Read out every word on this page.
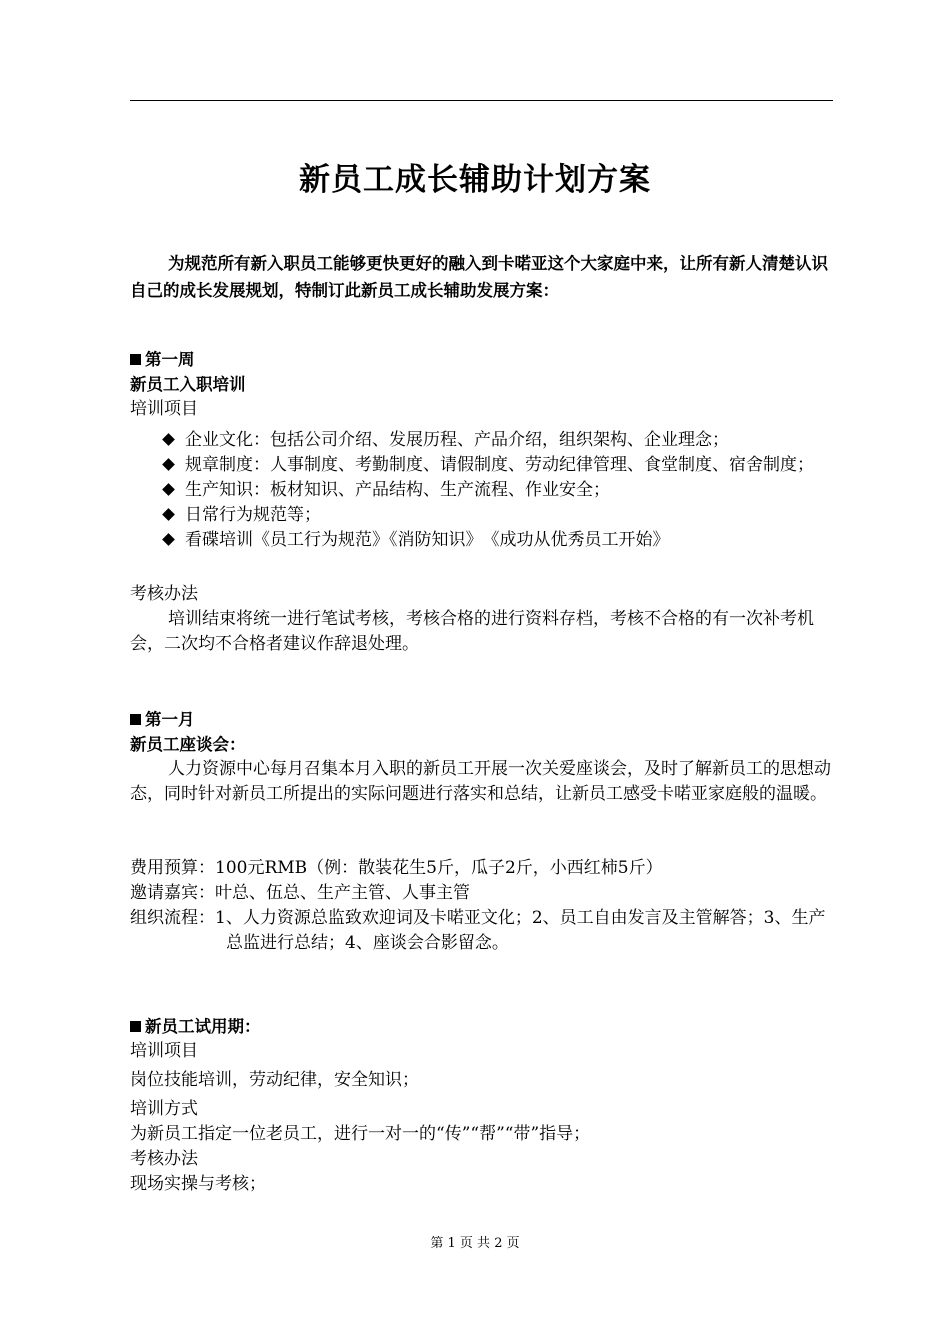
新员工成长辅助计划方案

为规范所有新入职员工能够更快更好的融入到卡喏亚这个大家庭中来，让所有新人清楚认识自己的成长发展规划，特制订此新员工成长辅助发展方案：

第一周

新员工入职培训

培训项目

企业文化：包括公司介绍、发展历程、产品介绍，组织架构、企业理念；
规章制度：人事制度、考勤制度、请假制度、劳动纪律管理、食堂制度、宿舍制度；
生产知识：板材知识、产品结构、生产流程、作业安全；
日常行为规范等；
看碟培训《员工行为规范》《消防知识》　《成功从优秀员工开始》

考核办法

培训结束将统一进行笔试考核，考核合格的进行资料存档，考核不合格的有一次补考机会，二次均不合格者建议作辞退处理。

第一月

新员工座谈会：

人力资源中心每月召集本月入职的新员工开展一次关爱座谈会，及时了解新员工的思想动态，同时针对新员工所提出的实际问题进行落实和总结，让新员工感受卡喏亚家庭般的温暖。

费用预算：100元RMB（例：散装花生5斤，瓜子2斤，小西红柿5斤）

邀请嘉宾：叶总、伍总、生产主管、人事主管

组织流程：1、人力资源总监致欢迎词及卡喏亚文化；2、员工自由发言及主管解答；3、生产总监进行总结；4、座谈会合影留念。

新员工试用期：

培训项目

岗位技能培训，劳动纪律，安全知识；

培训方式

为新员工指定一位老员工，进行一对一的“传”“帮”“带”指导；

考核办法

现场实操与考核；

第 1 页 共 2 页
